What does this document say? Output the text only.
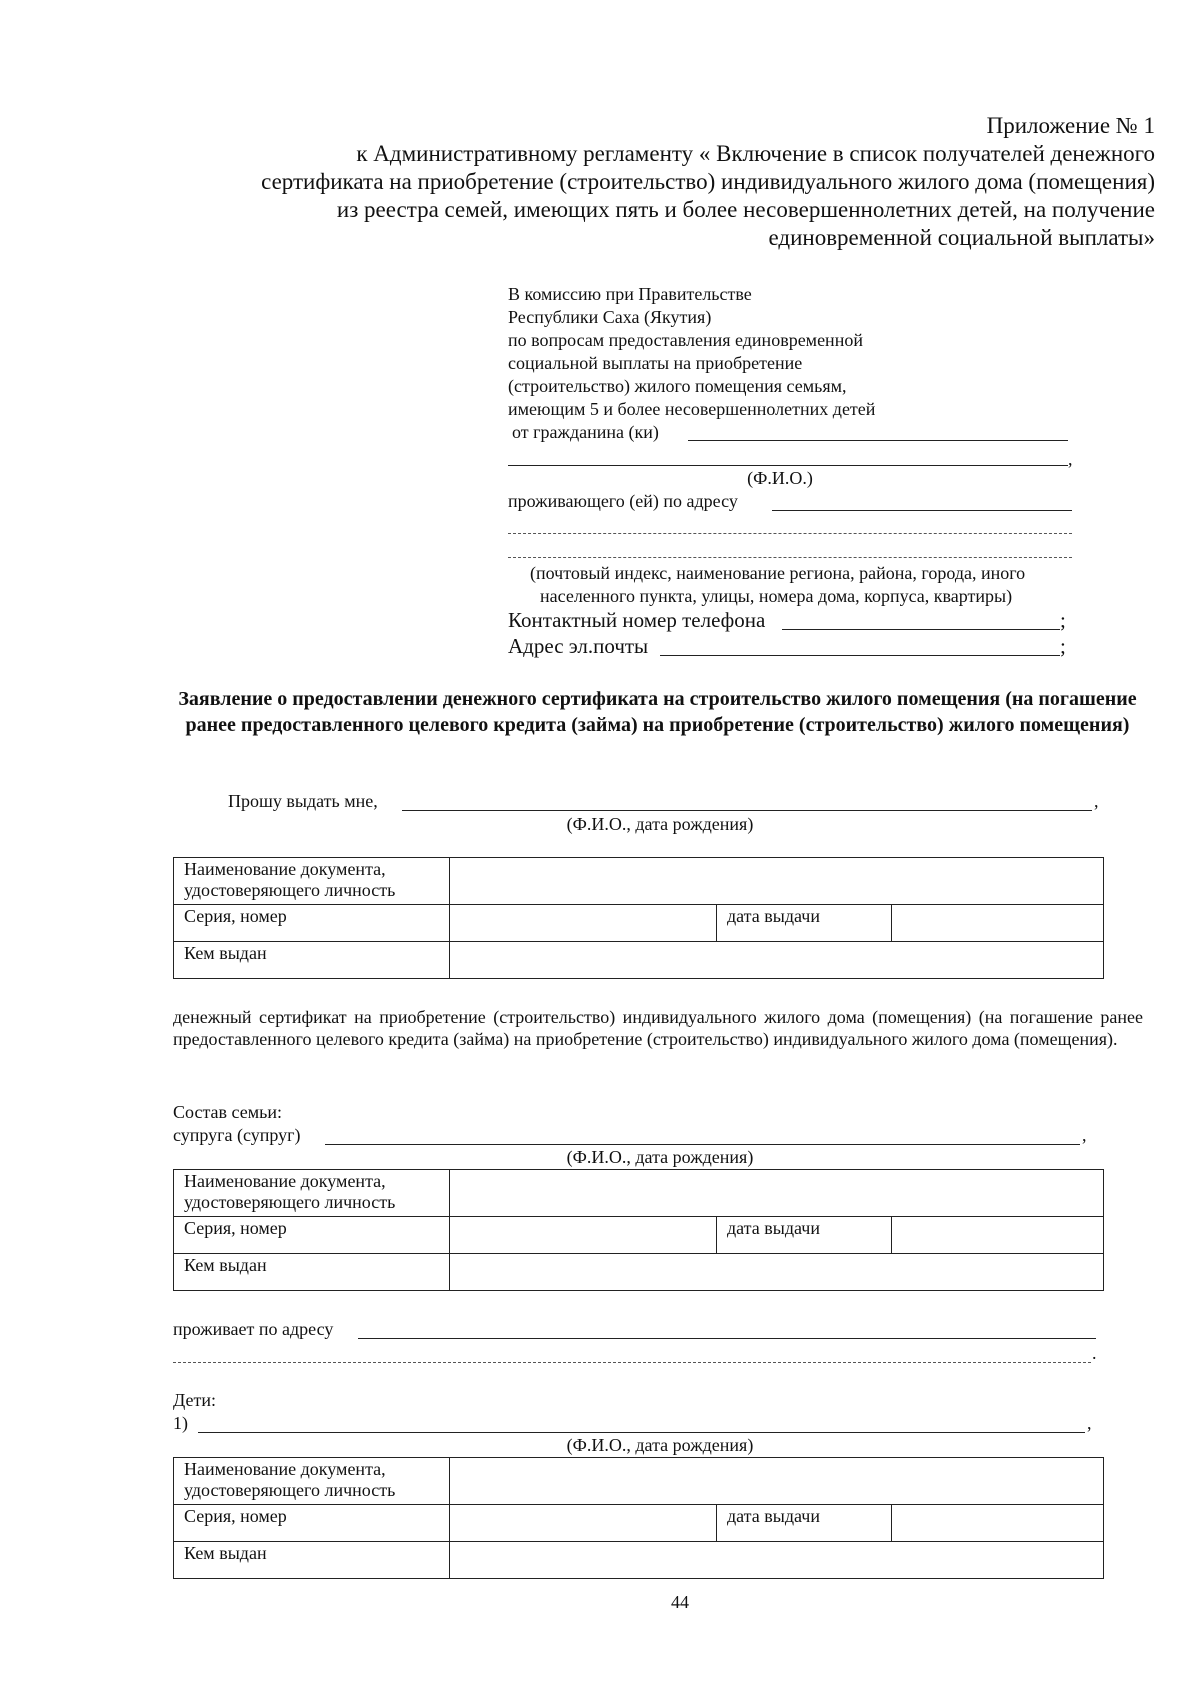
Приложение № 1
к Административному регламенту « Включение в список получателей денежного
сертификата на приобретение (строительство) индивидуального жилого дома (помещения)
из реестра семей, имеющих пять и более несовершеннолетних детей, на получение
единовременной социальной выплаты»
В комиссию при Правительстве
Республики Саха (Якутия)
по вопросам предоставления единовременной
социальной выплаты на приобретение
(строительство) жилого помещения семьям,
имеющим 5 и более несовершеннолетних детей
от гражданина (ки)
,
(Ф.И.О.)
проживающего (ей) по адресу
(почтовый индекс, наименование региона, района, города, иного
населенного пункта, улицы, номера дома, корпуса, квартиры)
Контактный номер телефона	;
Адрес эл.почты	;
Заявление о предоставлении денежного сертификата на строительство жилого помещения (на погашение ранее предоставленного целевого кредита (займа) на приобретение (строительство) жилого помещения)
Прошу выдать мне,	,
(Ф.И.О., дата рождения)
Наименование документа, удостоверяющего личность			
Серия, номер		дата выдачи	
Кем выдан			
денежный сертификат на приобретение (строительство) индивидуального жилого дома (помещения) (на погашение ранее предоставленного целевого кредита (займа) на приобретение (строительство) индивидуального жилого дома (помещения).
Состав семьи:
супруга (супруг)	,
(Ф.И.О., дата рождения)
Наименование документа, удостоверяющего личность			
Серия, номер		дата выдачи	
Кем выдан			
проживает по адресу
.
Дети:
1)	,
(Ф.И.О., дата рождения)
Наименование документа, удостоверяющего личность			
Серия, номер		дата выдачи	
Кем выдан			
44
